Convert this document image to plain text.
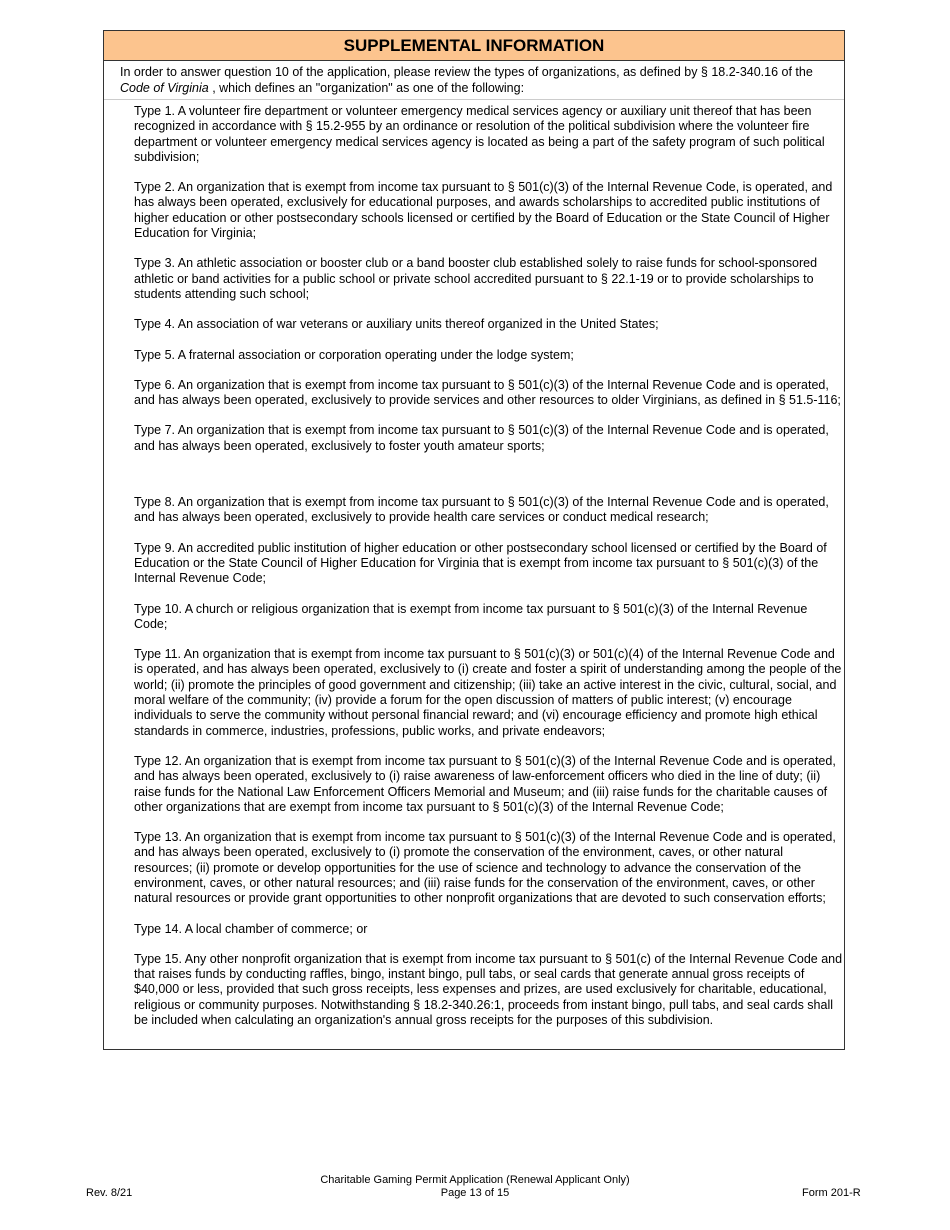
SUPPLEMENTAL INFORMATION
In order to answer question 10 of the application, please review the types of organizations, as defined by § 18.2-340.16 of the Code of Virginia , which defines an "organization" as one of the following:
Type 1. A volunteer fire department or volunteer emergency medical services agency or auxiliary unit thereof that has been recognized in accordance with § 15.2-955 by an ordinance or resolution of the political subdivision where the volunteer fire department or volunteer emergency medical services agency is located as being a part of the safety program of such political subdivision;
Type 2. An organization that is exempt from income tax pursuant to § 501(c)(3) of the Internal Revenue Code, is operated, and has always been operated, exclusively for educational purposes, and awards scholarships to accredited public institutions of higher education or other postsecondary schools licensed or certified by the Board of Education or the State Council of Higher Education for Virginia;
Type 3. An athletic association or booster club or a band booster club established solely to raise funds for school-sponsored athletic or band activities for a public school or private school accredited pursuant to § 22.1-19 or to provide scholarships to students attending such school;
Type 4. An association of war veterans or auxiliary units thereof organized in the United States;
Type 5. A fraternal association or corporation operating under the lodge system;
Type 6. An organization that is exempt from income tax pursuant to § 501(c)(3) of the Internal Revenue Code and is operated, and has always been operated, exclusively to provide services and other resources to older Virginians, as defined in § 51.5-116;
Type 7. An organization that is exempt from income tax pursuant to § 501(c)(3) of the Internal Revenue Code and is operated, and has always been operated, exclusively to foster youth amateur sports;
Type 8. An organization that is exempt from income tax pursuant to § 501(c)(3) of the Internal Revenue Code and is operated, and has always been operated, exclusively to provide health care services or conduct medical research;
Type 9. An accredited public institution of higher education or other postsecondary school licensed or certified by the Board of Education or the State Council of Higher Education for Virginia that is exempt from income tax pursuant to § 501(c)(3) of the Internal Revenue Code;
Type 10. A church or religious organization that is exempt from income tax pursuant to § 501(c)(3) of the Internal Revenue Code;
Type 11. An organization that is exempt from income tax pursuant to § 501(c)(3) or 501(c)(4) of the Internal Revenue Code and is operated, and has always been operated, exclusively to (i) create and foster a spirit of understanding among the people of the world; (ii) promote the principles of good government and citizenship; (iii) take an active interest in the civic, cultural, social, and moral welfare of the community; (iv) provide a forum for the open discussion of matters of public interest; (v) encourage individuals to serve the community without personal financial reward; and (vi) encourage efficiency and promote high ethical standards in commerce, industries, professions, public works, and private endeavors;
Type 12. An organization that is exempt from income tax pursuant to § 501(c)(3) of the Internal Revenue Code and is operated, and has always been operated, exclusively to (i) raise awareness of law-enforcement officers who died in the line of duty; (ii) raise funds for the National Law Enforcement Officers Memorial and Museum; and (iii) raise funds for the charitable causes of other organizations that are exempt from income tax pursuant to § 501(c)(3) of the Internal Revenue Code;
Type 13. An organization that is exempt from income tax pursuant to § 501(c)(3) of the Internal Revenue Code and is operated, and has always been operated, exclusively to (i) promote the conservation of the environment, caves, or other natural resources; (ii) promote or develop opportunities for the use of science and technology to advance the conservation of the environment, caves, or other natural resources; and (iii) raise funds for the conservation of the environment, caves, or other natural resources or provide grant opportunities to other nonprofit organizations that are devoted to such conservation efforts;
Type 14. A local chamber of commerce; or
Type 15. Any other nonprofit organization that is exempt from income tax pursuant to § 501(c) of the Internal Revenue Code and that raises funds by conducting raffles, bingo, instant bingo, pull tabs, or seal cards that generate annual gross receipts of $40,000 or less, provided that such gross receipts, less expenses and prizes, are used exclusively for charitable, educational, religious or community purposes. Notwithstanding § 18.2-340.26:1, proceeds from instant bingo, pull tabs, and seal cards shall be included when calculating an organization's annual gross receipts for the purposes of this subdivision.
Charitable Gaming Permit Application (Renewal Applicant Only)
Page 13 of 15
Rev. 8/21	Form 201-R
